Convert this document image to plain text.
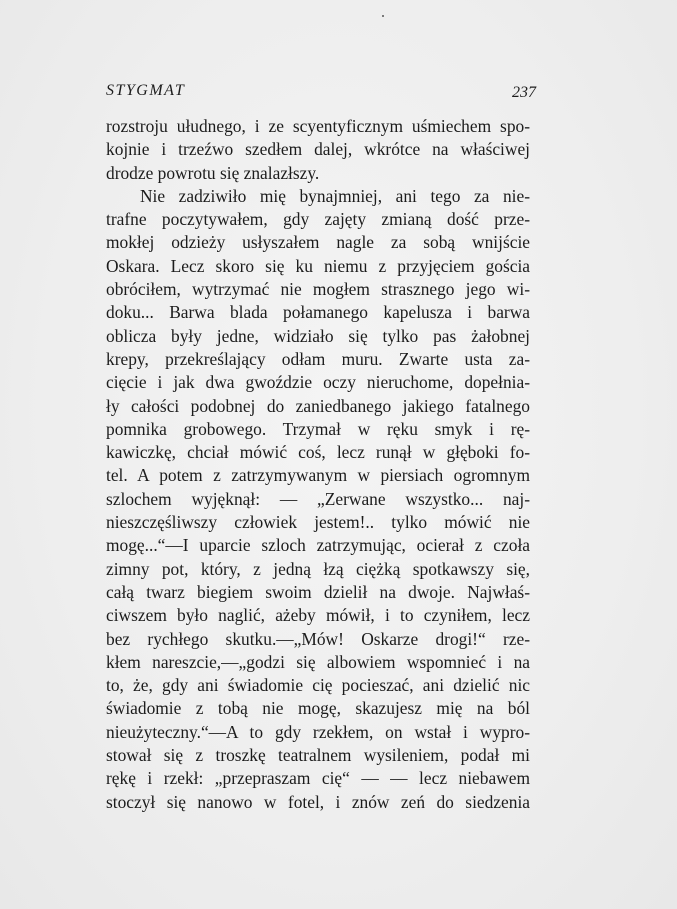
STYGMAT	237
rozstroju ułudnego, i ze scyentyficznym uśmiechem spo-
kojnie i trzeźwo szedłem dalej, wkrótce na właściwej
drodze powrotu się znalazłszy.
Nie zadziwiło mię bynajmniej, ani tego za nie-
trafne poczytywałem, gdy zajęty zmianą dość prze-
mokłej odzieży usłyszałem nagle za sobą wnijście
Oskara. Lecz skoro się ku niemu z przyjęciem gościa
obróciłem, wytrzymać nie mogłem strasznego jego wi-
doku... Barwa blada połamanego kapelusza i barwa
oblicza były jedne, widziało się tylko pas żałobnej
krepy, przekreślający odłam muru. Zwarte usta za-
cięcie i jak dwa gwoździe oczy nieruchome, dopełnia-
ły całości podobnej do zaniedbanego jakiego fatalnego
pomnika grobowego. Trzymał w ręku smyk i rę-
kawiczkę, chciał mówić coś, lecz runął w głęboki fo-
tel. A potem z zatrzymywanym w piersiach ogromnym
szlochem wyjęknął: — „Zerwane wszystko... naj-
nieszczęśliwszy człowiek jestem!.. tylko mówić nie
mogę...“—I uparcie szloch zatrzymując, ocierał z czoła
zimny pot, który, z jedną łzą ciężką spotkawszy się,
całą twarz biegiem swoim dzielił na dwoje. Najwłaś-
ciwszem było naglić, ażeby mówił, i to czyniłem, lecz
bez rychłego skutku.—„Mów! Oskarze drogi!“ rze-
kłem nareszcie,—„godzi się albowiem wspomnieć i na
to, że, gdy ani świadomie cię pocieszać, ani dzielić nic
świadomie z tobą nie mogę, skazujesz mię na ból
nieużyteczny.“—A to gdy rzekłem, on wstał i wypro-
stował się z troszkę teatralnem wysileniem, podał mi
rękę i rzekł: „przepraszam cię“ — — lecz niebawem
stoczył się nanowo w fotel, i znów zeń do siedzenia
